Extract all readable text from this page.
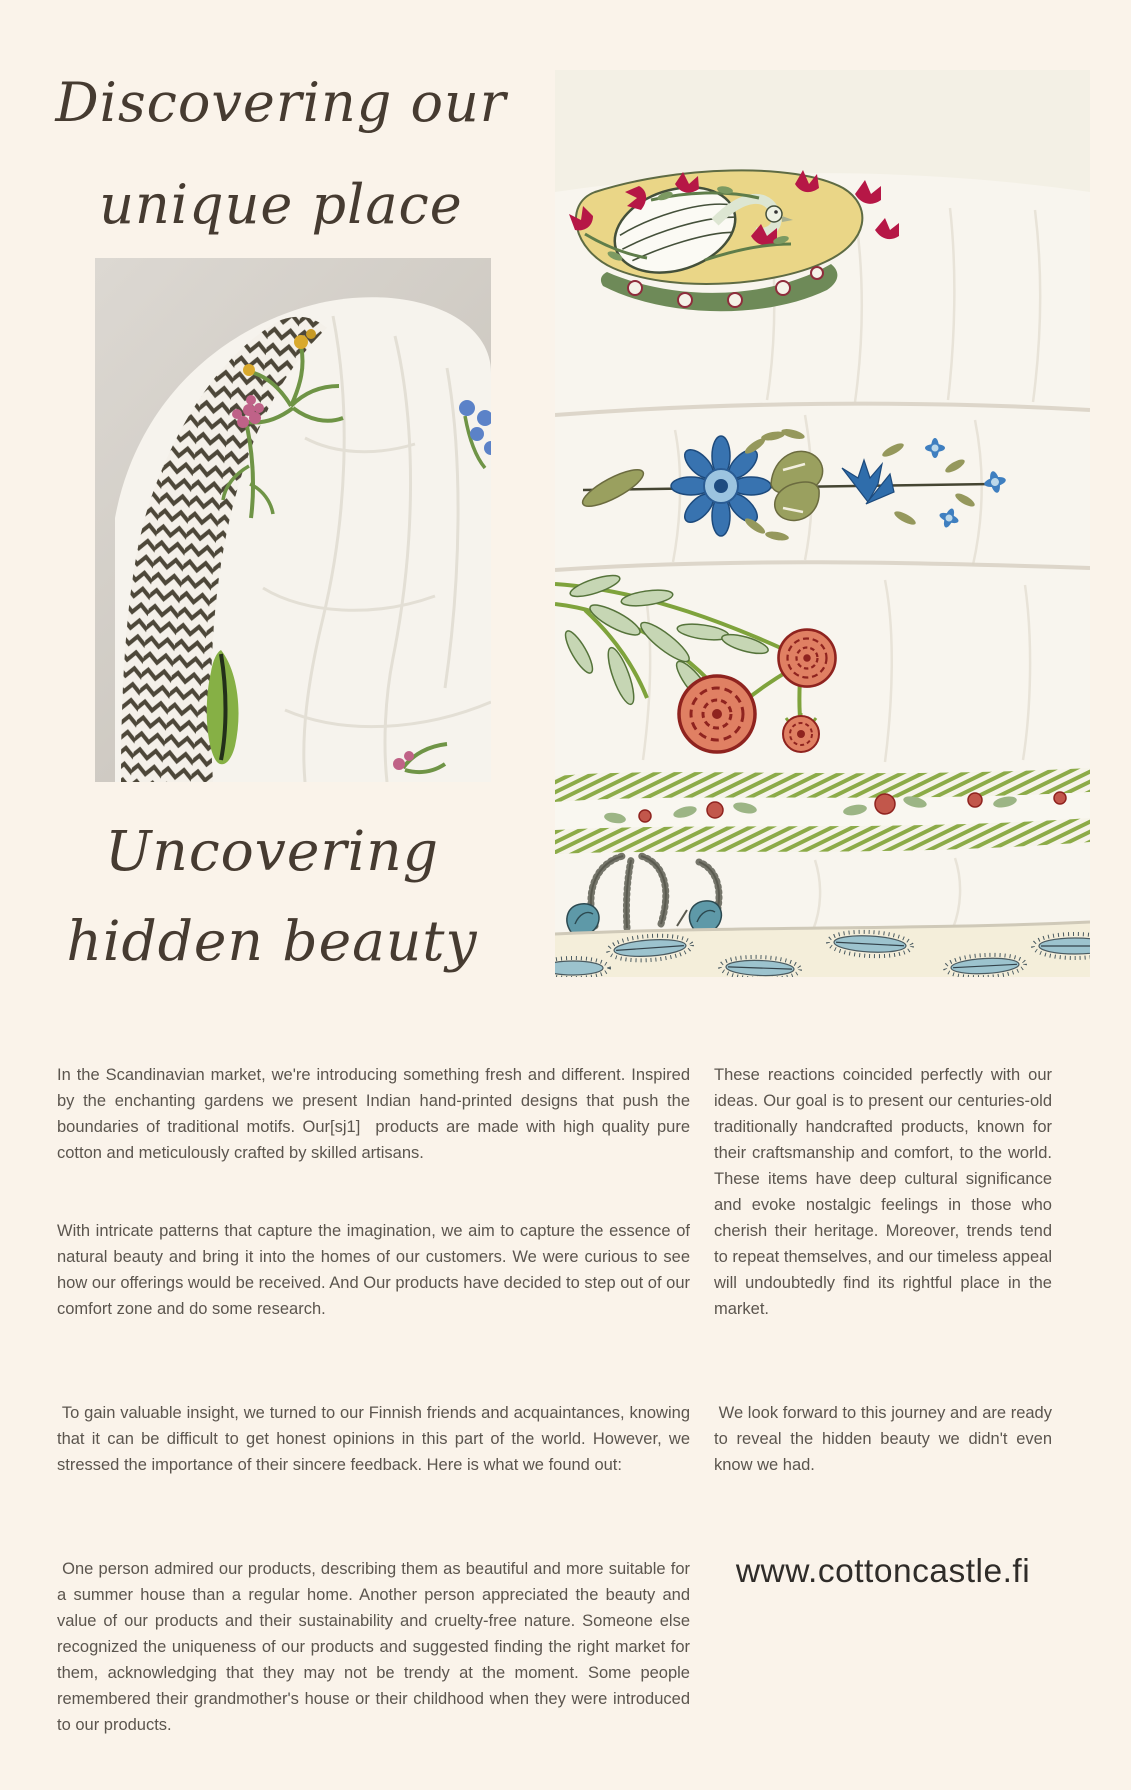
Discovering our
unique place
Uncovering
hidden beauty

In the Scandinavian market, we're introducing something fresh and different. Inspired by the enchanting gardens we present Indian hand-printed designs that push the boundaries of traditional motifs. Our[sj1]  products are made with high quality pure cotton and meticulously crafted by skilled artisans.

With intricate patterns that capture the imagination, we aim to capture the essence of natural beauty and bring it into the homes of our customers. We were curious to see how our offerings would be received. And Our products have decided to step out of our comfort zone and do some research.

To gain valuable insight, we turned to our Finnish friends and acquaintances, knowing that it can be difficult to get honest opinions in this part of the world. However, we stressed the importance of their sincere feedback. Here is what we found out:

One person admired our products, describing them as beautiful and more suitable for a summer house than a regular home. Another person appreciated the beauty and value of our products and their sustainability and cruelty-free nature. Someone else recognized the uniqueness of our products and suggested finding the right market for them, acknowledging that they may not be trendy at the moment. Some people remembered their grandmother's house or their childhood when they were introduced to our products.

These reactions coincided perfectly with our ideas. Our goal is to present our centuries-old traditionally handcrafted products, known for their craftsmanship and comfort, to the world. These items have deep cultural significance and evoke nostalgic feelings in those who cherish their heritage. Moreover, trends tend to repeat themselves, and our timeless appeal will undoubtedly find its rightful place in the market.

We look forward to this journey and are ready to reveal the hidden beauty we didn't even know we had.

www.cottoncastle.fi
